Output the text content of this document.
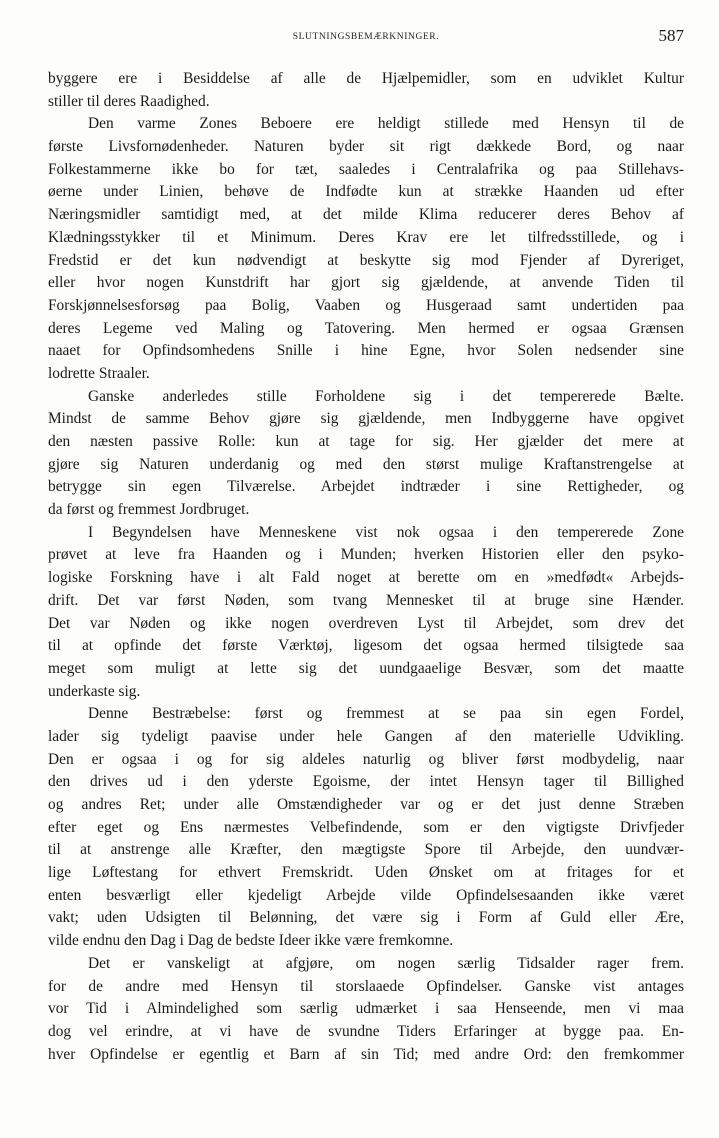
SLUTNINGSBEMÆRKNINGER.	587
byggere ere i Besiddelse af alle de Hjælpemidler, som en udviklet Kultur
stiller til deres Raadighed.
Den varme Zones Beboere ere heldigt stillede med Hensyn til de
første Livsfornødenheder. Naturen byder sit rigt dækkede Bord, og naar
Folkestammerne ikke bo for tæt, saaledes i Centralafrika og paa Stillehavs-
øerne under Linien, behøve de Indfødte kun at strække Haanden ud efter
Næringsmidler samtidigt med, at det milde Klima reducerer deres Behov af
Klædningsstykker til et Minimum. Deres Krav ere let tilfredsstillede, og i
Fredstid er det kun nødvendigt at beskytte sig mod Fjender af Dyreriget,
eller hvor nogen Kunstdrift har gjort sig gjældende, at anvende Tiden til
Forskjønnelsesforsøg paa Bolig, Vaaben og Husgeraad samt undertiden paa
deres Legeme ved Maling og Tatovering. Men hermed er ogsaa Grænsen
naaet for Opfindsomhedens Snille i hine Egne, hvor Solen nedsender sine
lodrette Straaler.
Ganske anderledes stille Forholdene sig i det tempererede Bælte.
Mindst de samme Behov gjøre sig gjældende, men Indbyggerne have opgivet
den næsten passive Rolle: kun at tage for sig. Her gjælder det mere at
gjøre sig Naturen underdanig og med den størst mulige Kraftanstrengelse at
betrygge sin egen Tilværelse. Arbejdet indtræder i sine Rettigheder, og
da først og fremmest Jordbruget.
I Begyndelsen have Menneskene vist nok ogsaa i den tempererede Zone
prøvet at leve fra Haanden og i Munden; hverken Historien eller den psyko-
logiske Forskning have i alt Fald noget at berette om en »medfødt« Arbejds-
drift. Det var først Nøden, som tvang Mennesket til at bruge sine Hænder.
Det var Nøden og ikke nogen overdreven Lyst til Arbejdet, som drev det
til at opfinde det første Værktøj, ligesom det ogsaa hermed tilsigtede saa
meget som muligt at lette sig det uundgaaelige Besvær, som det maatte
underkaste sig.
Denne Bestræbelse: først og fremmest at se paa sin egen Fordel,
lader sig tydeligt paavise under hele Gangen af den materielle Udvikling.
Den er ogsaa i og for sig aldeles naturlig og bliver først modbydelig, naar
den drives ud i den yderste Egoisme, der intet Hensyn tager til Billighed
og andres Ret; under alle Omstændigheder var og er det just denne Stræben
efter eget og Ens nærmestes Velbefindende, som er den vigtigste Drivfjeder
til at anstrenge alle Kræfter, den mægtigste Spore til Arbejde, den uundvær-
lige Løftestang for ethvert Fremskridt. Uden Ønsket om at fritages for et
enten besværligt eller kjedeligt Arbejde vilde Opfindelsesaanden ikke været
vakt; uden Udsigten til Belønning, det være sig i Form af Guld eller Ære,
vilde endnu den Dag i Dag de bedste Ideer ikke være fremkomne.
Det er vanskeligt at afgjøre, om nogen særlig Tidsalder rager frem.
for de andre med Hensyn til storslaaede Opfindelser. Ganske vist antages
vor Tid i Almindelighed som særlig udmærket i saa Henseende, men vi maa
dog vel erindre, at vi have de svundne Tiders Erfaringer at bygge paa. En-
hver Opfindelse er egentlig et Barn af sin Tid; med andre Ord: den fremkommer
